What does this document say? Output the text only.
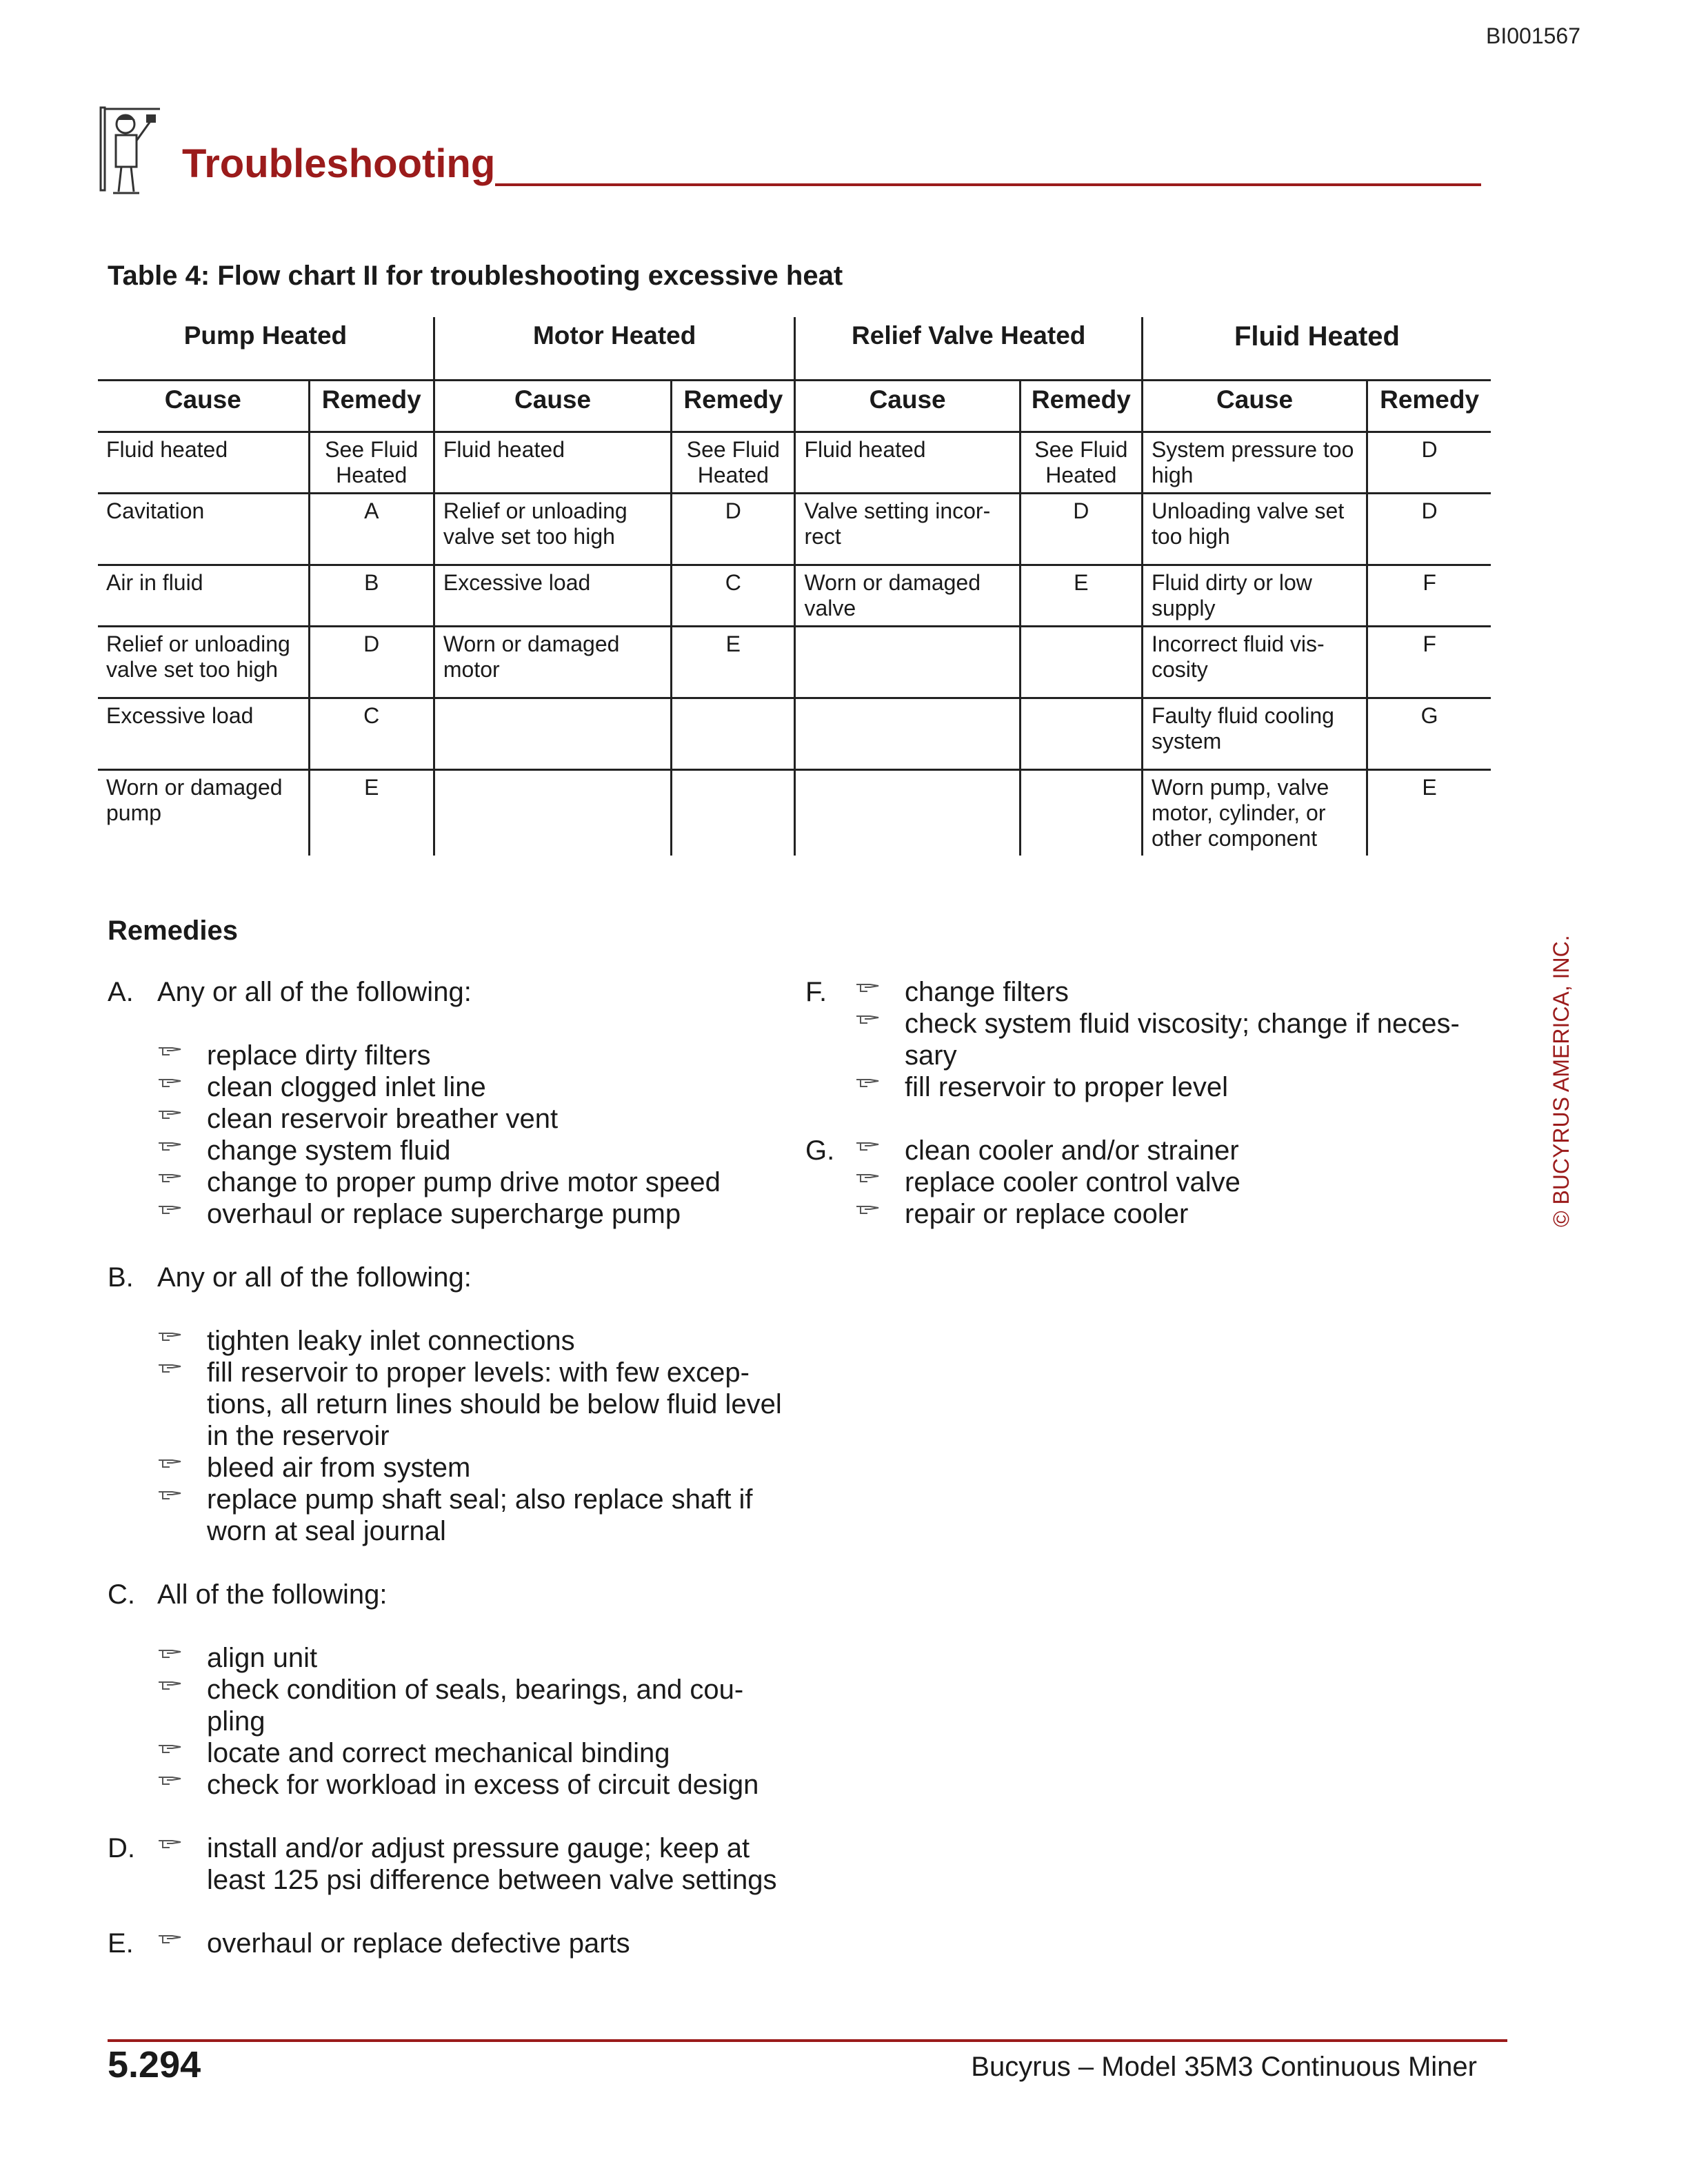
BI001567
Troubleshooting
Table 4: Flow chart II for troubleshooting excessive heat
Pump Heated		Motor Heated		Relief Valve Heated		Fluid Heated	
Cause	Remedy	Cause	Remedy	Cause	Remedy	Cause	Remedy
Fluid heated	See Fluid Heated	Fluid heated	See Fluid Heated	Fluid heated	See Fluid Heated	System pressure too high	D
Cavitation	A	Relief or unloading valve set too high	D	Valve setting incor-rect	D	Unloading valve set too high	D
Air in fluid	B	Excessive load	C	Worn or damaged valve	E	Fluid dirty or low supply	F
Relief or unloading valve set too high	D	Worn or damaged motor	E			Incorrect fluid vis-cosity	F
Excessive load	C					Faulty fluid cooling system	G
Worn or damaged pump	E					Worn pump, valve motor, cylinder, or other component	E
Remedies
A. Any or all of the following:
replace dirty filters
clean clogged inlet line
clean reservoir breather vent
change system fluid
change to proper pump drive motor speed
overhaul or replace supercharge pump
B. Any or all of the following:
tighten leaky inlet connections
fill reservoir to proper levels: with few excep-tions, all return lines should be below fluid level in the reservoir
bleed air from system
replace pump shaft seal; also replace shaft if worn at seal journal
C. All of the following:
align unit
check condition of seals, bearings, and cou-pling
locate and correct mechanical binding
check for workload in excess of circuit design
D.	install and/or adjust pressure gauge; keep at least 125 psi difference between valve settings
E.	overhaul or replace defective parts
F.	change filters
check system fluid viscosity; change if neces-sary
fill reservoir to proper level
G.	clean cooler and/or strainer
replace cooler control valve
repair or replace cooler	© BUCYRUS AMERICA, INC.
5.294	Bucyrus – Model 35M3 Continuous Miner
